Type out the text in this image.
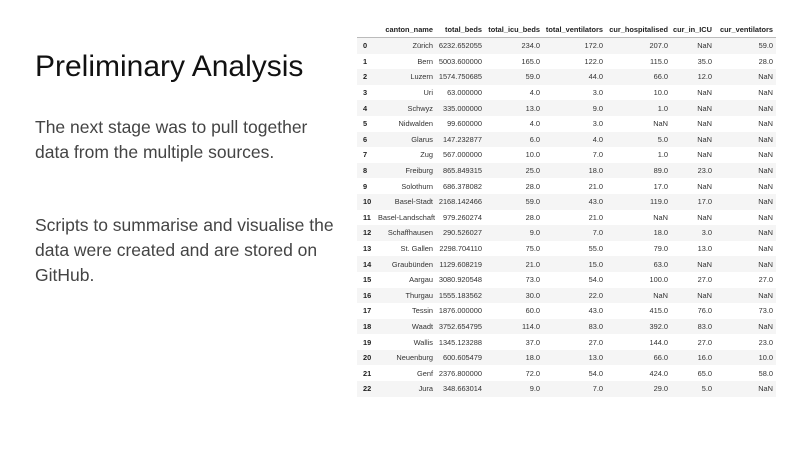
Preliminary Analysis
The next stage was to pull together data from the multiple sources.
Scripts to summarise and visualise the data were created and are stored on GitHub.
	canton_name	total_beds	total_icu_beds	total_ventilators	cur_hospitalised	cur_in_ICU	cur_ventilators
0	Zürich	6232.652055	234.0	172.0	207.0	NaN	59.0
1	Bern	5003.600000	165.0	122.0	115.0	35.0	28.0
2	Luzern	1574.750685	59.0	44.0	66.0	12.0	NaN
3	Uri	63.000000	4.0	3.0	10.0	NaN	NaN
4	Schwyz	335.000000	13.0	9.0	1.0	NaN	NaN
5	Nidwalden	99.600000	4.0	3.0	NaN	NaN	NaN
6	Glarus	147.232877	6.0	4.0	5.0	NaN	NaN
7	Zug	567.000000	10.0	7.0	1.0	NaN	NaN
8	Freiburg	865.849315	25.0	18.0	89.0	23.0	NaN
9	Solothurn	686.378082	28.0	21.0	17.0	NaN	NaN
10	Basel-Stadt	2168.142466	59.0	43.0	119.0	17.0	NaN
11	Basel-Landschaft	979.260274	28.0	21.0	NaN	NaN	NaN
12	Schaffhausen	290.526027	9.0	7.0	18.0	3.0	NaN
13	St. Gallen	2298.704110	75.0	55.0	79.0	13.0	NaN
14	Graubünden	1129.608219	21.0	15.0	63.0	NaN	NaN
15	Aargau	3080.920548	73.0	54.0	100.0	27.0	27.0
16	Thurgau	1555.183562	30.0	22.0	NaN	NaN	NaN
17	Tessin	1876.000000	60.0	43.0	415.0	76.0	73.0
18	Waadt	3752.654795	114.0	83.0	392.0	83.0	NaN
19	Wallis	1345.123288	37.0	27.0	144.0	27.0	23.0
20	Neuenburg	600.605479	18.0	13.0	66.0	16.0	10.0
21	Genf	2376.800000	72.0	54.0	424.0	65.0	58.0
22	Jura	348.663014	9.0	7.0	29.0	5.0	NaN
